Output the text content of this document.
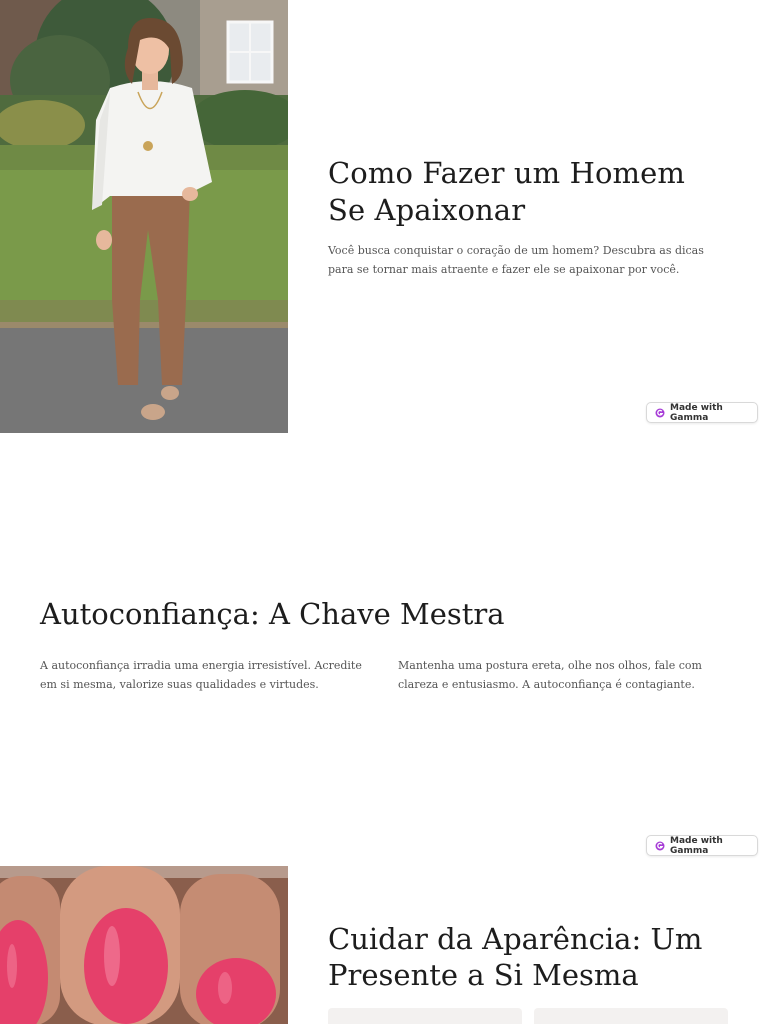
Como Fazer um Homem Se Apaixonar

Você busca conquistar o coração de um homem? Descubra as dicas para se tornar mais atraente e fazer ele se apaixonar por você.

Made with Gamma
Autoconfiança: A Chave Mestra

A autoconfiança irradia uma energia irresistível. Acredite em si mesma, valorize suas qualidades e virtudes.

Mantenha uma postura ereta, olhe nos olhos, fale com clareza e entusiasmo. A autoconfiança é contagiante.

Made with Gamma
Cuidar da Aparência: Um Presente a Si Mesma
